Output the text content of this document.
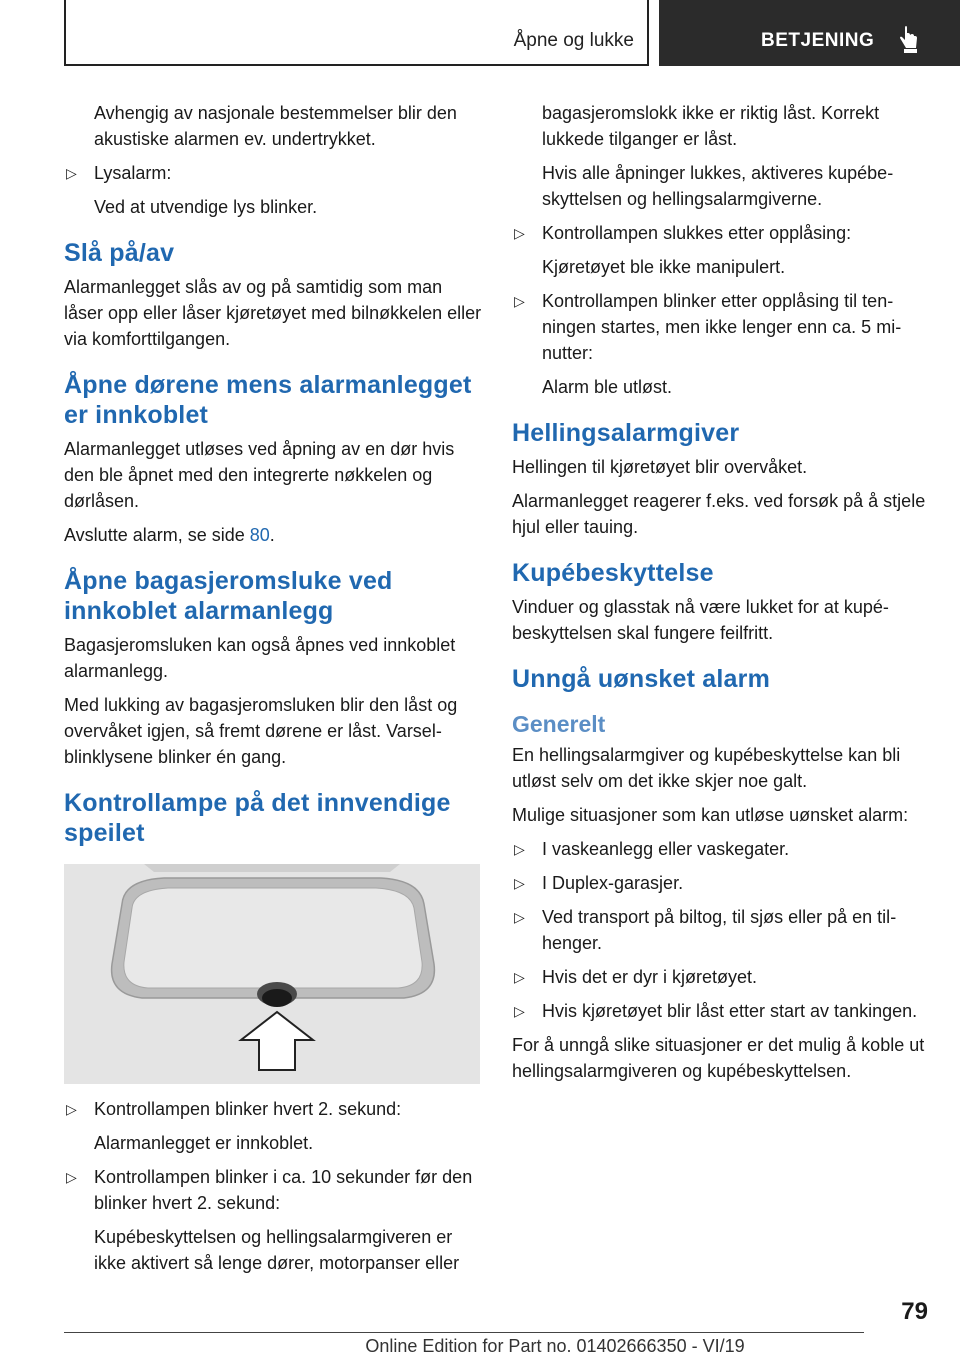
Åpne og lukke	BETJENING

Avhengig av nasjonale bestemmelser blir den akustiske alarmen ev. undertrykket.

▷ Lysalarm:

Ved at utvendige lys blinker.

Slå på/av

Alarmanlegget slås av og på samtidig som man låser opp eller låser kjøretøyet med bilnøkkelen eller via komforttilgangen.

Åpne dørene mens alarmanlegget er innkoblet

Alarmanlegget utløses ved åpning av en dør hvis den ble åpnet med den integrerte nøkkelen og dørlåsen.

Avslutte alarm, se side 80.

Åpne bagasjeromsluke ved innkoblet alarmanlegg

Bagasjeromsluken kan også åpnes ved innkoblet alarmanlegg.

Med lukking av bagasjeromsluken blir den låst og overvåket igjen, så fremt dørene er låst. Varselblinklysene blinker én gang.

Kontrollampe på det innvendige speilet
▷ Kontrollampen blinker hvert 2. sekund:

Alarmanlegget er innkoblet.

▷ Kontrollampen blinker i ca. 10 sekunder før den blinker hvert 2. sekund:

Kupébeskyttelsen og hellingsalarmgiveren er ikke aktivert så lenge dører, motorpanser eller

bagasjeromslokk ikke er riktig låst. Korrekt lukkede tilganger er låst.

Hvis alle åpninger lukkes, aktiveres kupébeskyttelsen og hellingsalarmgiverne.

▷ Kontrollampen slukkes etter opplåsing:

Kjøretøyet ble ikke manipulert.

▷ Kontrollampen blinker etter opplåsing til tenningen startes, men ikke lenger enn ca. 5 minutter:

Alarm ble utløst.

Hellingsalarmgiver

Hellingen til kjøretøyet blir overvåket.

Alarmanlegget reagerer f.eks. ved forsøk på å stjele hjul eller tauing.

Kupébeskyttelse

Vinduer og glasstak nå være lukket for at kupébeskyttelsen skal fungere feilfritt.

Unngå uønsket alarm
Generelt

En hellingsalarmgiver og kupébeskyttelse kan bli utløst selv om det ikke skjer noe galt.

Mulige situasjoner som kan utløse uønsket alarm:

▷ I vaskeanlegg eller vaskegater.
▷ I Duplex-garasjer.
▷ Ved transport på biltog, til sjøs eller på en tilhenger.
▷ Hvis det er dyr i kjøretøyet.
▷ Hvis kjøretøyet blir låst etter start av tankingen.

For å unngå slike situasjoner er det mulig å koble ut hellingsalarmgiveren og kupébeskyttelsen.

79
Online Edition for Part no. 01402666350 - VI/19
